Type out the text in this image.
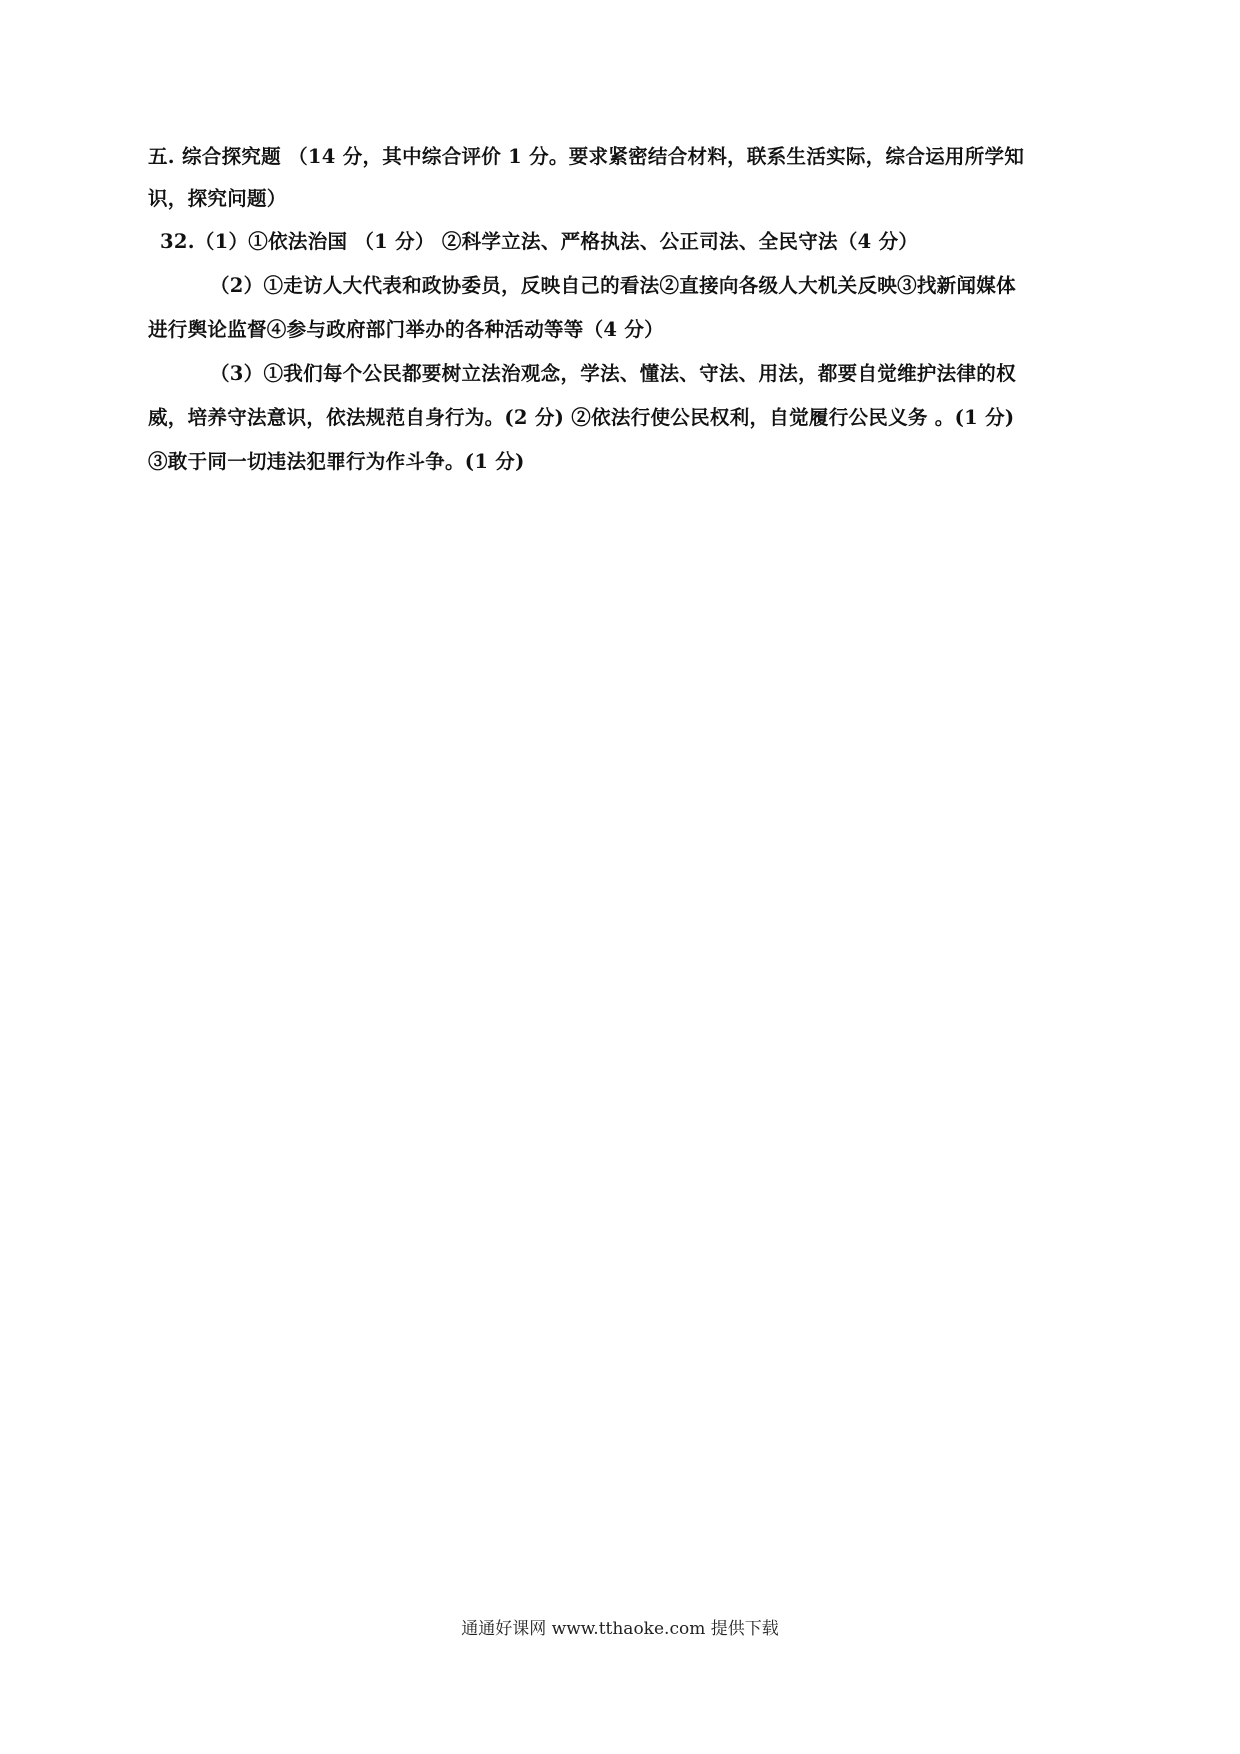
五. 综合探究题 （14 分，其中综合评价 1 分。要求紧密结合材料，联系生活实际，综合运用所学知
识，探究问题）
32.（1）①依法治国 （1 分） ②科学立法、严格执法、公正司法、全民守法（4 分）
（2）①走访人大代表和政协委员，反映自己的看法②直接向各级人大机关反映③找新闻媒体
进行舆论监督④参与政府部门举办的各种活动等等（4 分）
（3）①我们每个公民都要树立法治观念，学法、懂法、守法、用法，都要自觉维护法律的权
威，培养守法意识，依法规范自身行为。(2 分) ②依法行使公民权利，自觉履行公民义务 。(1 分)
③敢于同一切违法犯罪行为作斗争。(1 分)
通通好课网 www.tthaoke.com 提供下载
